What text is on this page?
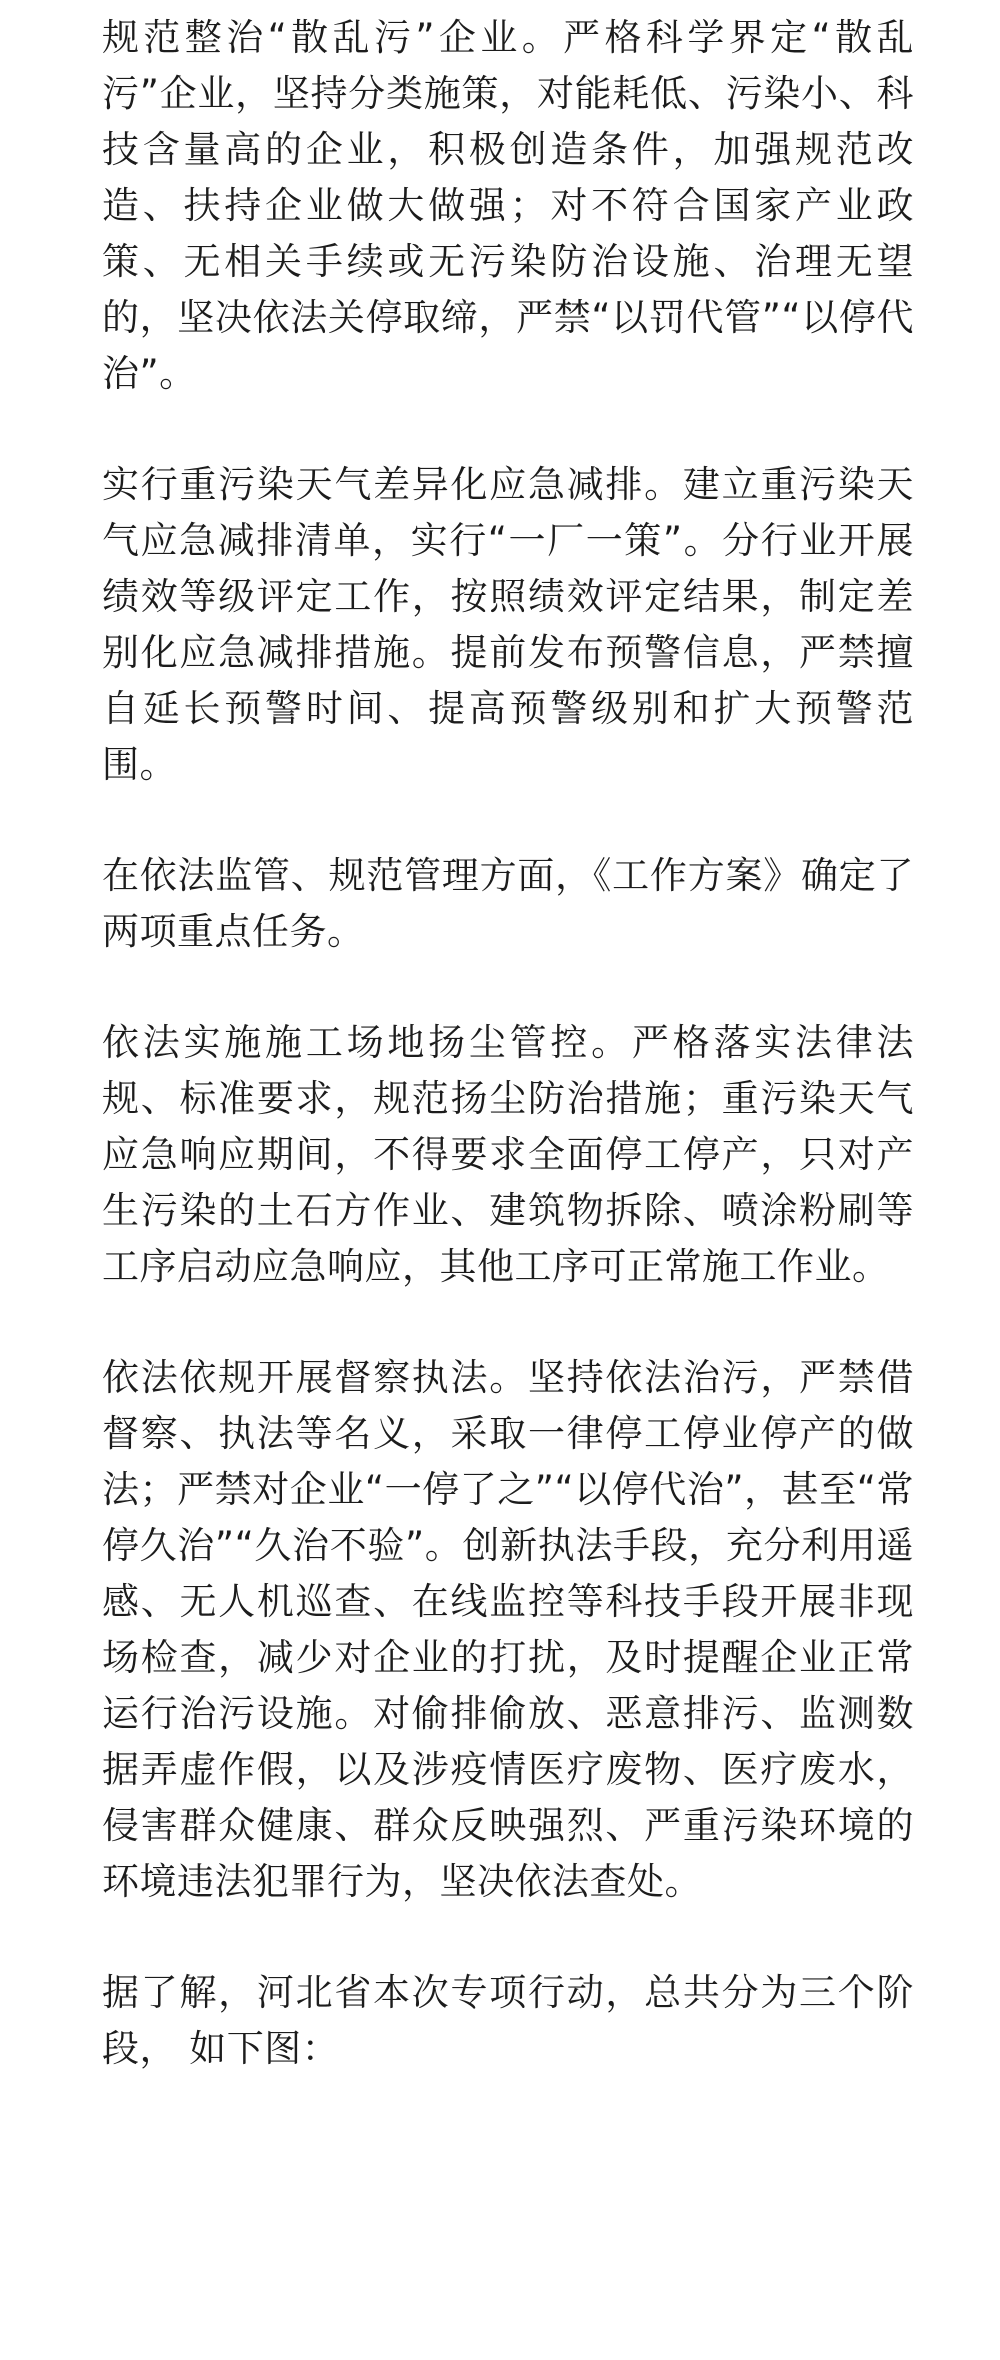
规范整治“散乱污”企业。严格科学界定“散乱污”企业，坚持分类施策，对能耗低、污染小、科技含量高的企业，积极创造条件，加强规范改造、扶持企业做大做强；对不符合国家产业政策、无相关手续或无污染防治设施、治理无望的，坚决依法关停取缔，严禁“以罚代管”“以停代治”。

实行重污染天气差异化应急减排。建立重污染天气应急减排清单，实行“一厂一策”。分行业开展绩效等级评定工作，按照绩效评定结果，制定差别化应急减排措施。提前发布预警信息，严禁擅自延长预警时间、提高预警级别和扩大预警范围。

在依法监管、规范管理方面，《工作方案》确定了两项重点任务。

依法实施施工场地扬尘管控。严格落实法律法规、标准要求，规范扬尘防治措施；重污染天气应急响应期间，不得要求全面停工停产，只对产生污染的土石方作业、建筑物拆除、喷涂粉刷等工序启动应急响应，其他工序可正常施工作业。

依法依规开展督察执法。坚持依法治污，严禁借督察、执法等名义，采取一律停工停业停产的做法；严禁对企业“一停了之”“以停代治”，甚至“常停久治”“久治不验”。创新执法手段，充分利用遥感、无人机巡查、在线监控等科技手段开展非现场检查，减少对企业的打扰，及时提醒企业正常运行治污设施。对偷排偷放、恶意排污、监测数据弄虚作假，以及涉疫情医疗废物、医疗废水，侵害群众健康、群众反映强烈、严重污染环境的环境违法犯罪行为，坚决依法查处。

据了解，河北省本次专项行动，总共分为三个阶段， 如下图：
